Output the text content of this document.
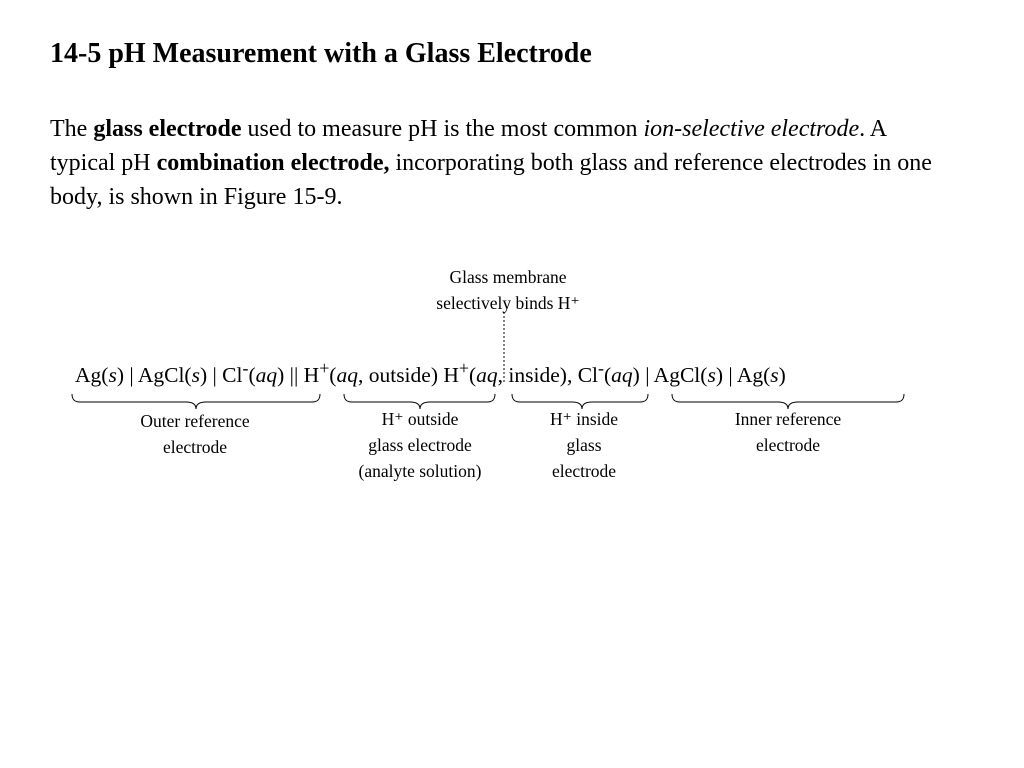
14-5 pH Measurement with a Glass Electrode

The glass electrode used to measure pH is the most common ion-selective electrode. A typical pH combination electrode, incorporating both glass and reference electrodes in one body, is shown in Figure 15-9.

Glass membrane
selectively binds H⁺
Ag(s) | AgCl(s) | Cl-(aq) || H+(aq, outside) H+(aq, inside), Cl-(aq) | AgCl(s) | Ag(s)
Outer reference
electrode
H⁺ outside
glass electrode
(analyte solution)
H⁺ inside
glass
electrode
Inner reference
electrode
